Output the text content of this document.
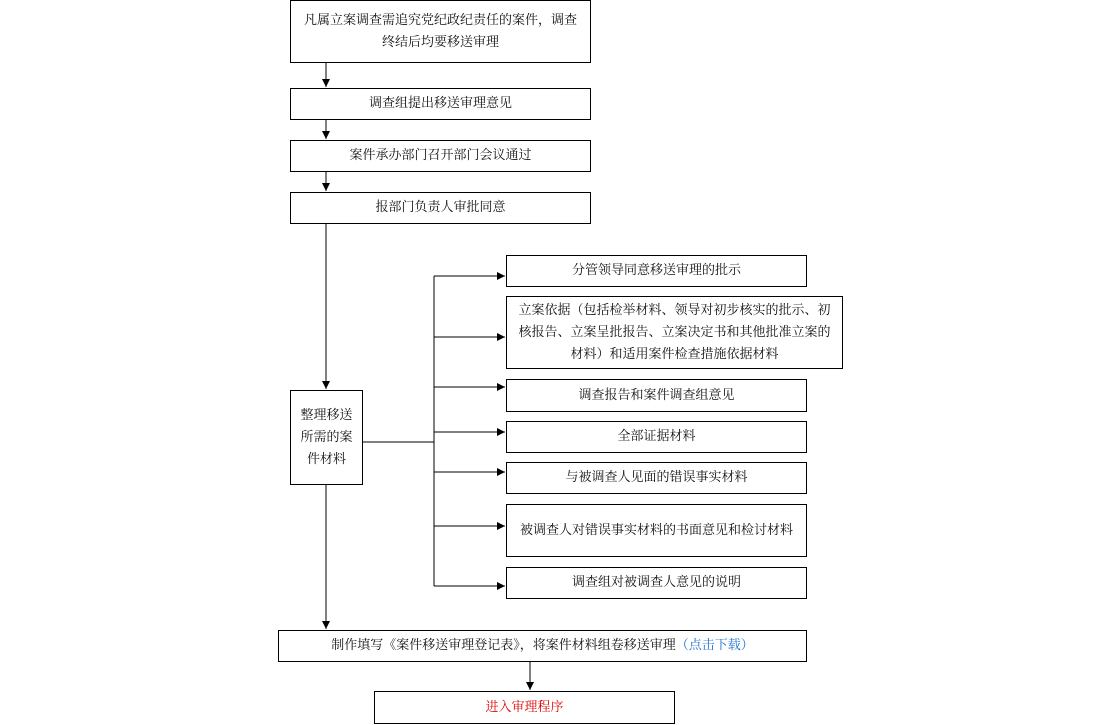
凡属立案调查需追究党纪政纪责任的案件，调查终结后均要移送审理
调查组提出移送审理意见
案件承办部门召开部门会议通过
报部门负责人审批同意
整理移送所需的案件材料
分管领导同意移送审理的批示
立案依据（包括检举材料、领导对初步核实的批示、初核报告、立案呈批报告、立案决定书和其他批准立案的材料）和适用案件检查措施依据材料
调查报告和案件调查组意见
全部证据材料
与被调查人见面的错误事实材料
被调查人对错误事实材料的书面意见和检讨材料
调查组对被调查人意见的说明
制作填写《案件移送审理登记表》，将案件材料组卷移送审理（点击下载）
进入审理程序
